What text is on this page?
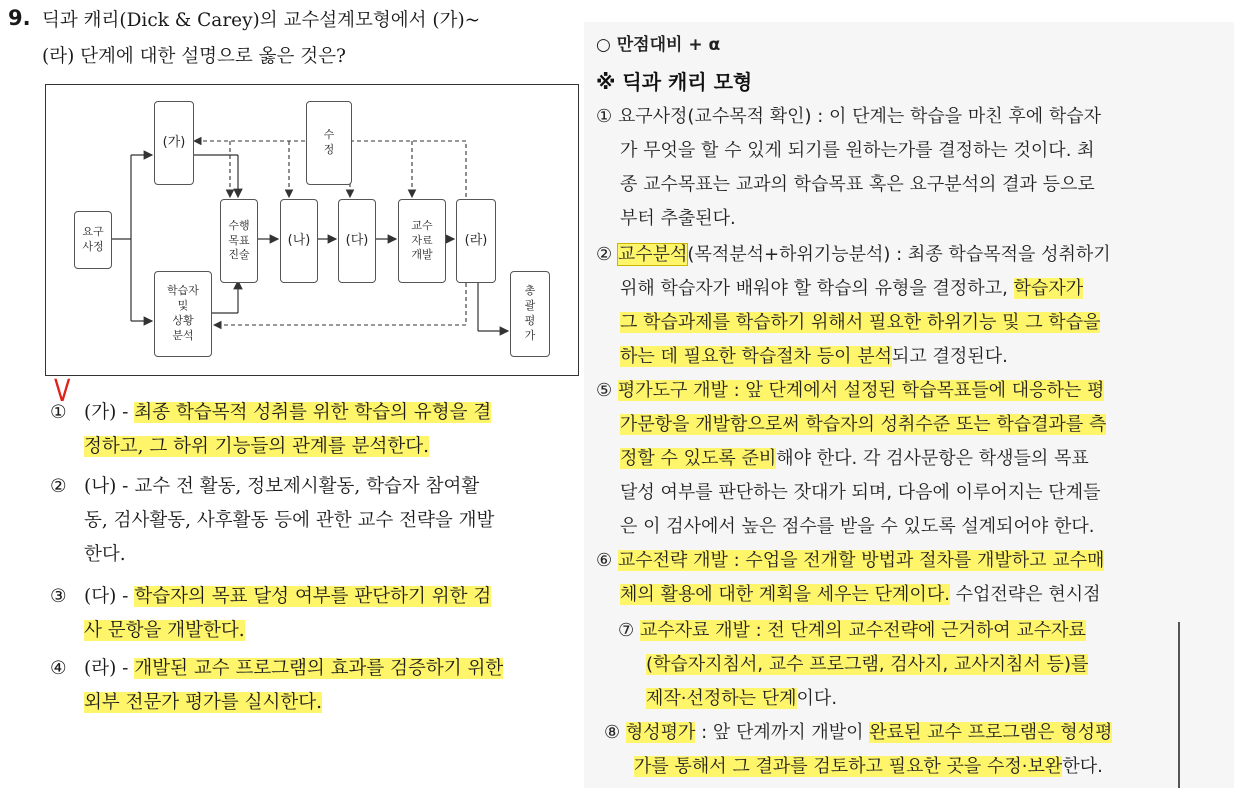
9. 딕과 캐리(Dick & Carey)의 교수설계모형에서 (가)~
(라) 단계에 대한 설명으로 옳은 것은?
요구
사정
(가)
학습자
및
상황
분석
수행
목표
진술
(나)
수
정
(다)
교수
자료
개발
(라)
총
괄
평
가
V
① (가) - 최종 학습목적 성취를 위한 학습의 유형을 결
정하고, 그 하위 기능들의 관계를 분석한다.
② (나) - 교수 전 활동, 정보제시활동, 학습자 참여활
동, 검사활동, 사후활동 등에 관한 교수 전략을 개발
한다.
③ (다) - 학습자의 목표 달성 여부를 판단하기 위한 검
사 문항을 개발한다.
④ (라) - 개발된 교수 프로그램의 효과를 검증하기 위한
외부 전문가 평가를 실시한다.
○ 만점대비 + α
※ 딕과 캐리 모형
① 요구사정(교수목적 확인) : 이 단계는 학습을 마친 후에 학습자
가 무엇을 할 수 있게 되기를 원하는가를 결정하는 것이다. 최
종 교수목표는 교과의 학습목표 혹은 요구분석의 결과 등으로
부터 추출된다.
② 교수분석(목적분석+하위기능분석) : 최종 학습목적을 성취하기
위해 학습자가 배워야 할 학습의 유형을 결정하고, 학습자가
그 학습과제를 학습하기 위해서 필요한 하위기능 및 그 학습을
하는 데 필요한 학습절차 등이 분석되고 결정된다.
⑤ 평가도구 개발 : 앞 단계에서 설정된 학습목표들에 대응하는 평
가문항을 개발함으로써 학습자의 성취수준 또는 학습결과를 측
정할 수 있도록 준비해야 한다. 각 검사문항은 학생들의 목표
달성 여부를 판단하는 잣대가 되며, 다음에 이루어지는 단계들
은 이 검사에서 높은 점수를 받을 수 있도록 설계되어야 한다.
⑥ 교수전략 개발 : 수업을 전개할 방법과 절차를 개발하고 교수매
체의 활용에 대한 계획을 세우는 단계이다. 수업전략은 현시점
⑦ 교수자료 개발 : 전 단계의 교수전략에 근거하여 교수자료
(학습자지침서, 교수 프로그램, 검사지, 교사지침서 등)를
제작·선정하는 단계이다.
⑧ 형성평가 : 앞 단계까지 개발이 완료된 교수 프로그램은 형성평
가를 통해서 그 결과를 검토하고 필요한 곳을 수정·보완한다.
